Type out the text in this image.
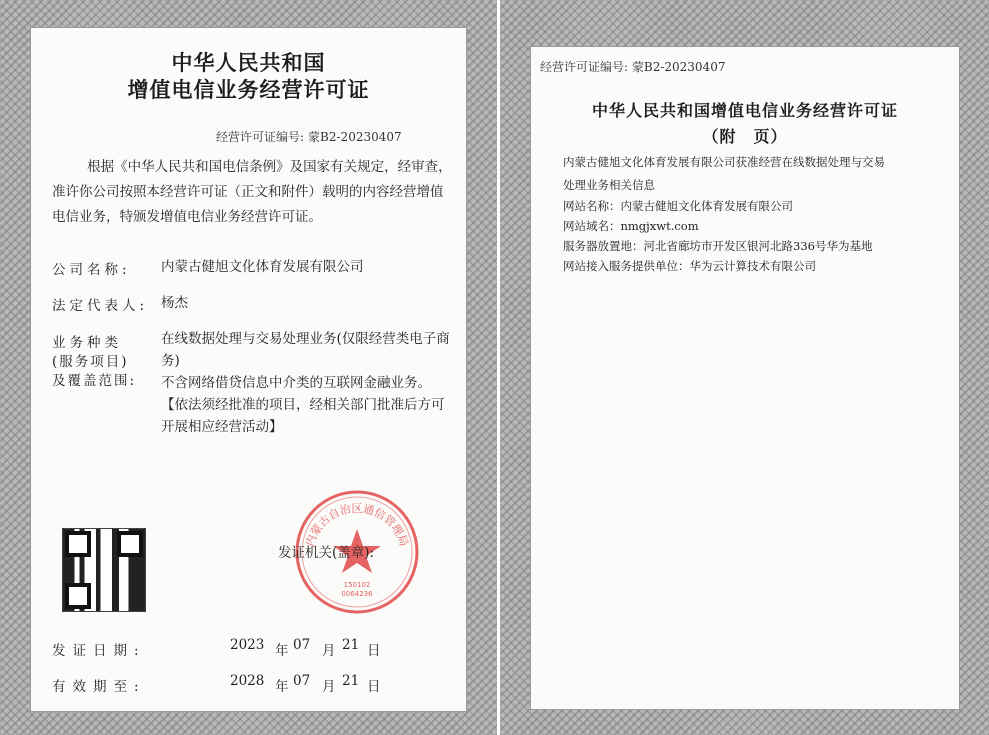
中华人民共和国
增值电信业务经营许可证
经营许可证编号: 蒙B2-20230407
根据《中华人民共和国电信条例》及国家有关规定，经审查，准许你公司按照本经营许可证（正文和附件）载明的内容经营增值电信业务，特颁发增值电信业务经营许可证。
公司名称: 内蒙古健旭文化体育发展有限公司
法定代表人: 杨杰
业务种类
(服务项目)
及覆盖范围:
在线数据处理与交易处理业务(仅限经营类电子商务)
不含网络借贷信息中介类的互联网金融业务。【依法须经批准的项目，经相关部门批准后方可开展相应经营活动】
内蒙古自治区通信管理局
150102
0064236
发证机关(盖章):
发证日期:	2023 年 07 月 21 日
有效期至:	2028 年 07 月 21 日
经营许可证编号: 蒙B2-20230407
中华人民共和国增值电信业务经营许可证
（附　页）
内蒙古健旭文化体育发展有限公司获准经营在线数据处理与交易
处理业务相关信息
网站名称：内蒙古健旭文化体育发展有限公司
网站域名：nmgjxwt.com
服务器放置地：河北省廊坊市开发区银河北路336号华为基地
网站接入服务提供单位：华为云计算技术有限公司
